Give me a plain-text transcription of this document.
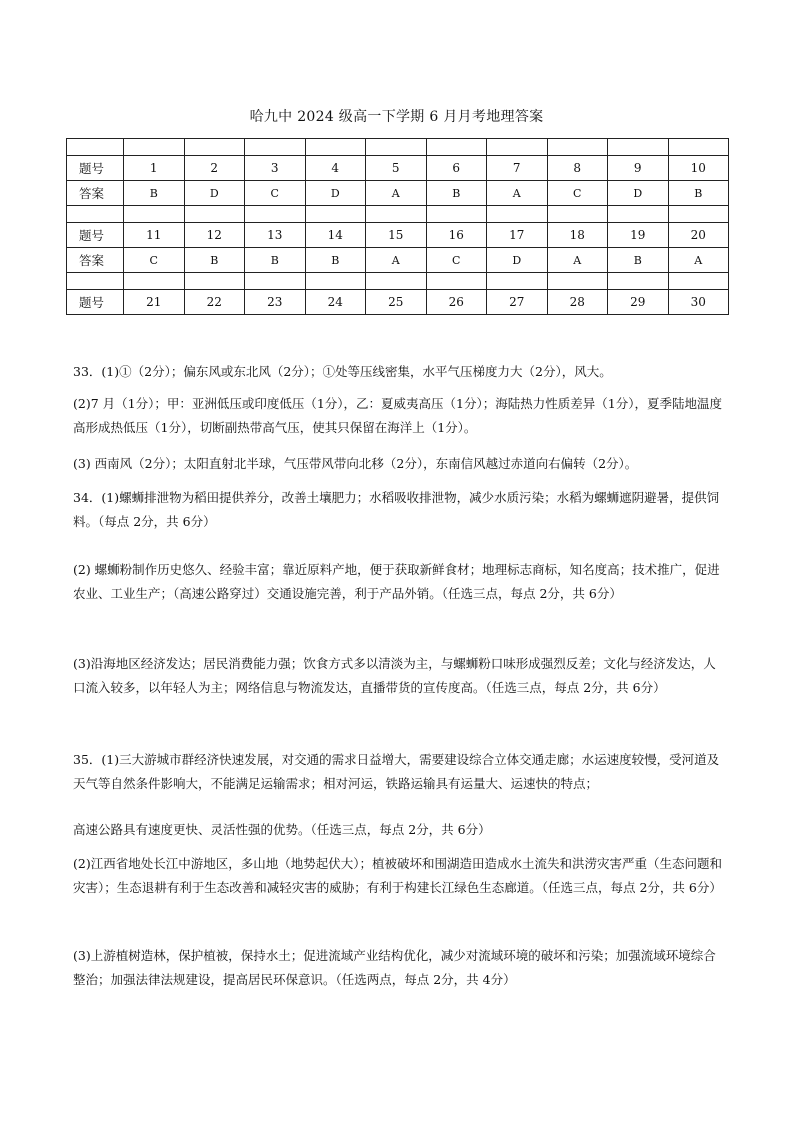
哈九中 2024 级高一下学期 6 月月考地理答案

题号	1	2	3	4	5	6	7	8	9	10
答案	B	D	C	D	A	B	A	C	D	B

题号	11	12	13	14	15	16	17	18	19	20
答案	C	B	B	B	A	C	D	A	B	A

题号	21	22	23	24	25	26	27	28	29	30

33．(1)①（2分）；偏东风或东北风（2分）；①处等压线密集，水平气压梯度力大（2分），风大。

(2)7 月（1分）；甲：亚洲低压或印度低压（1分），乙：夏威夷高压（1分）；海陆热力性质差异（1分），夏季陆地温度高形成热低压（1分），切断副热带高气压，使其只保留在海洋上（1分）。

(3) 西南风（2分）；太阳直射北半球，气压带风带向北移（2分），东南信风越过赤道向右偏转（2分）。

34．(1)螺蛳排泄物为稻田提供养分，改善土壤肥力；水稻吸收排泄物，减少水质污染；水稻为螺蛳遮阴避暑，提供饲料。（每点 2分，共 6分）

(2) 螺蛳粉制作历史悠久、经验丰富；靠近原料产地，便于获取新鲜食材；地理标志商标，知名度高；技术推广，促进农业、工业生产；（高速公路穿过）交通设施完善，利于产品外销。（任选三点，每点 2分，共 6分）

(3)沿海地区经济发达；居民消费能力强；饮食方式多以清淡为主，与螺蛳粉口味形成强烈反差；文化与经济发达，人口流入较多，以年轻人为主；网络信息与物流发达，直播带货的宣传度高。（任选三点，每点 2分，共 6分）

35．(1)三大游城市群经济快速发展，对交通的需求日益增大，需要建设综合立体交通走廊；水运速度较慢，受河道及天气等自然条件影响大，不能满足运输需求；相对河运，铁路运输具有运量大、运速快的特点；

高速公路具有速度更快、灵活性强的优势。（任选三点，每点 2分，共 6分）

(2)江西省地处长江中游地区，多山地（地势起伏大）；植被破坏和围湖造田造成水土流失和洪涝灾害严重（生态问题和灾害）；生态退耕有利于生态改善和减轻灾害的威胁；有利于构建长江绿色生态廊道。（任选三点，每点 2分，共 6分）

(3)上游植树造林，保护植被，保持水土；促进流域产业结构优化，减少对流域环境的破坏和污染；加强流域环境综合整治；加强法律法规建设，提高居民环保意识。（任选两点，每点 2分，共 4分）
